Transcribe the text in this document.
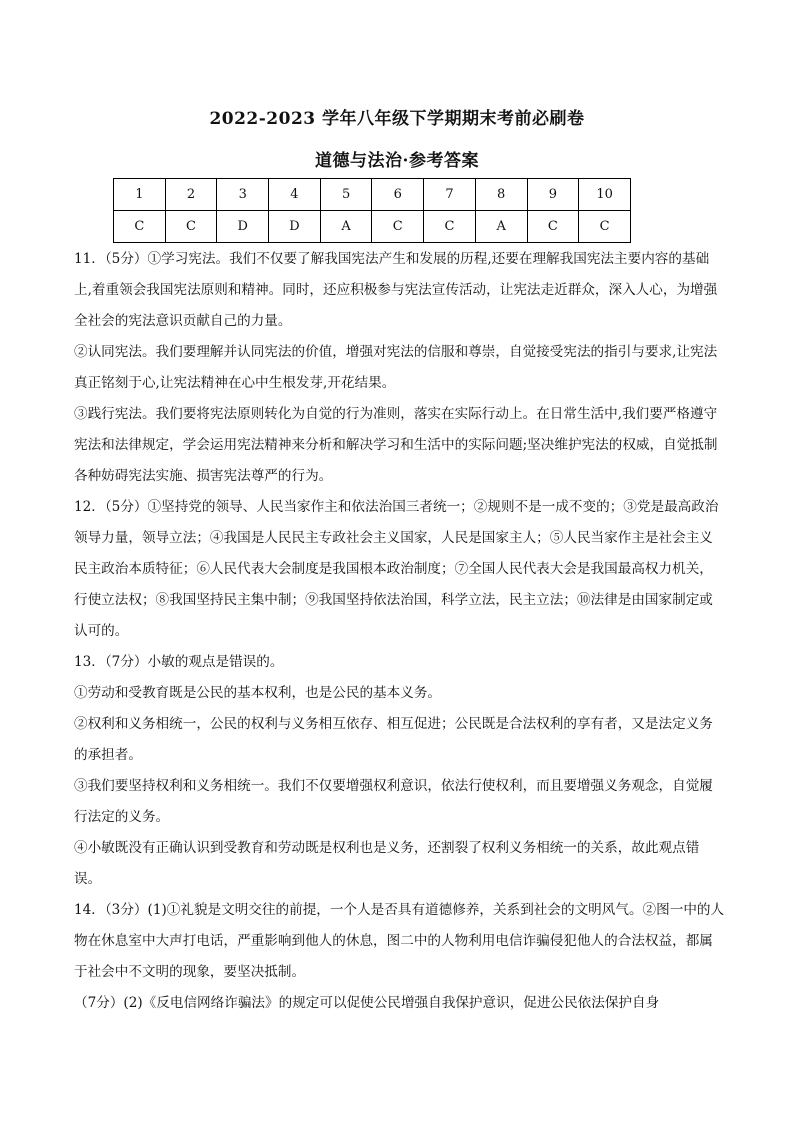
2022-2023 学年八年级下学期期末考前必刷卷
道德与法治·参考答案
1	2	3	4	5	6	7	8	9	10
C	C	D	D	A	C	C	A	C	C

11．（5分）①学习宪法。我们不仅要了解我国宪法产生和发展的历程,还要在理解我国宪法主要内容的基础上,着重领会我国宪法原则和精神。同时，还应积极参与宪法宣传活动，让宪法走近群众，深入人心，为增强全社会的宪法意识贡献自己的力量。

②认同宪法。我们要理解并认同宪法的价值，增强对宪法的信服和尊崇，自觉接受宪法的指引与要求,让宪法真正铭刻于心,让宪法精神在心中生根发芽,开花结果。

③践行宪法。我们要将宪法原则转化为自觉的行为准则，落实在实际行动上。在日常生活中,我们要严格遵守宪法和法律规定，学会运用宪法精神来分析和解决学习和生活中的实际问题;坚决维护宪法的权威，自觉抵制各种妨碍宪法实施、损害宪法尊严的行为。

12．（5分）①坚持党的领导、人民当家作主和依法治国三者统一；②规则不是一成不变的；③党是最高政治领导力量，领导立法；④我国是人民民主专政社会主义国家，人民是国家主人；⑤人民当家作主是社会主义民主政治本质特征；⑥人民代表大会制度是我国根本政治制度；⑦全国人民代表大会是我国最高权力机关，行使立法权；⑧我国坚持民主集中制；⑨我国坚持依法治国，科学立法，民主立法；⑩法律是由国家制定或认可的。

13．（7分）小敏的观点是错误的。

①劳动和受教育既是公民的基本权利，也是公民的基本义务。

②权利和义务相统一，公民的权利与义务相互依存、相互促进；公民既是合法权利的享有者，又是法定义务的承担者。

③我们要坚持权利和义务相统一。我们不仅要增强权利意识，依法行使权利，而且要增强义务观念，自觉履行法定的义务。

④小敏既没有正确认识到受教育和劳动既是权利也是义务，还割裂了权利义务相统一的关系，故此观点错误。

14．（3分）(1)①礼貌是文明交往的前提，一个人是否具有道德修养，关系到社会的文明风气。②图一中的人物在休息室中大声打电话，严重影响到他人的休息，图二中的人物利用电信诈骗侵犯他人的合法权益，都属于社会中不文明的现象，要坚决抵制。

（7分）(2)《反电信网络诈骗法》的规定可以促使公民增强自我保护意识，促进公民依法保护自身
